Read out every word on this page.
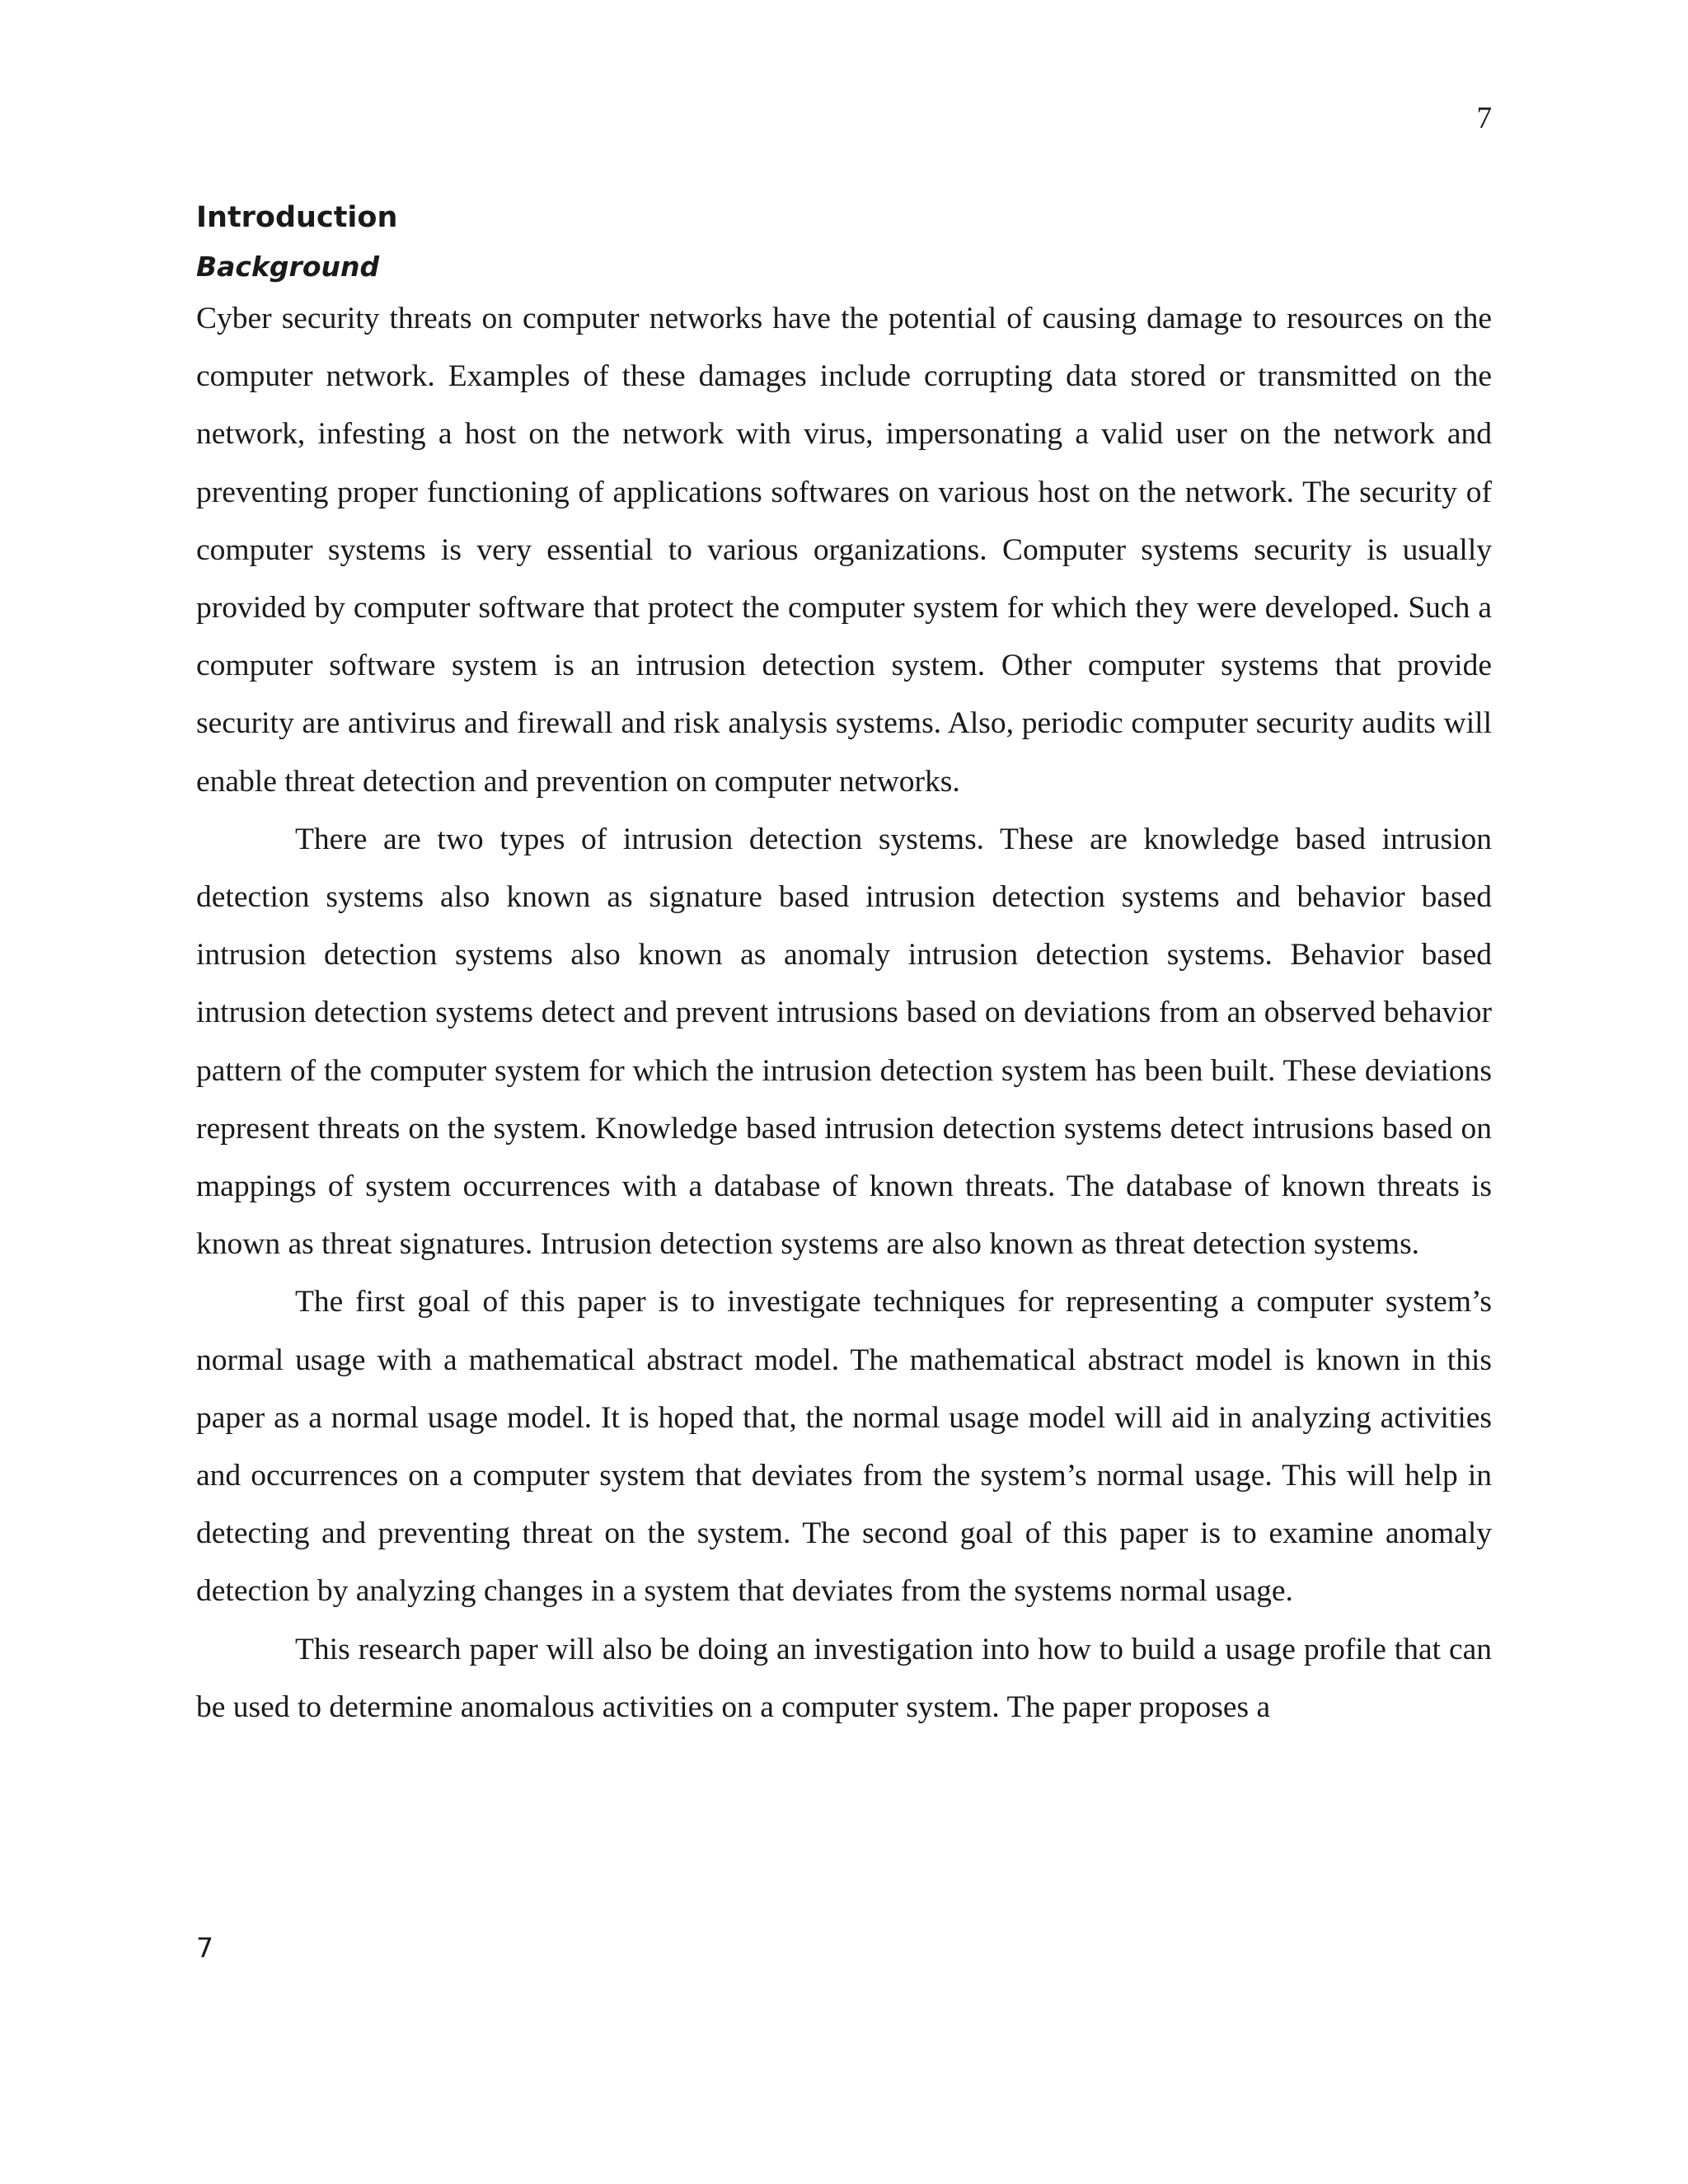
7
Introduction
Background

Cyber security threats on computer networks have the potential of causing damage to resources on the computer network. Examples of these damages include corrupting data stored or transmitted on the network, infesting a host on the network with virus, impersonating a valid user on the network and preventing proper functioning of applications softwares on various host on the network. The security of computer systems is very essential to various organizations. Computer systems security is usually provided by computer software that protect the computer system for which they were developed. Such a computer software system is an intrusion detection system. Other computer systems that provide security are antivirus and firewall and risk analysis systems. Also, periodic computer security audits will enable threat detection and prevention on computer networks.

There are two types of intrusion detection systems. These are knowledge based intrusion detection systems also known as signature based intrusion detection systems and behavior based intrusion detection systems also known as anomaly intrusion detection systems. Behavior based intrusion detection systems detect and prevent intrusions based on deviations from an observed behavior pattern of the computer system for which the intrusion detection system has been built. These deviations represent threats on the system. Knowledge based intrusion detection systems detect intrusions based on mappings of system occurrences with a database of known threats. The database of known threats is known as threat signatures. Intrusion detection systems are also known as threat detection systems.

The first goal of this paper is to investigate techniques for representing a computer system’s normal usage with a mathematical abstract model. The mathematical abstract model is known in this paper as a normal usage model. It is hoped that, the normal usage model will aid in analyzing activities and occurrences on a computer system that deviates from the system’s normal usage. This will help in detecting and preventing threat on the system. The second goal of this paper is to examine anomaly detection by analyzing changes in a system that deviates from the systems normal usage.

This research paper will also be doing an investigation into how to build a usage profile that can be used to determine anomalous activities on a computer system. The paper proposes a

7
